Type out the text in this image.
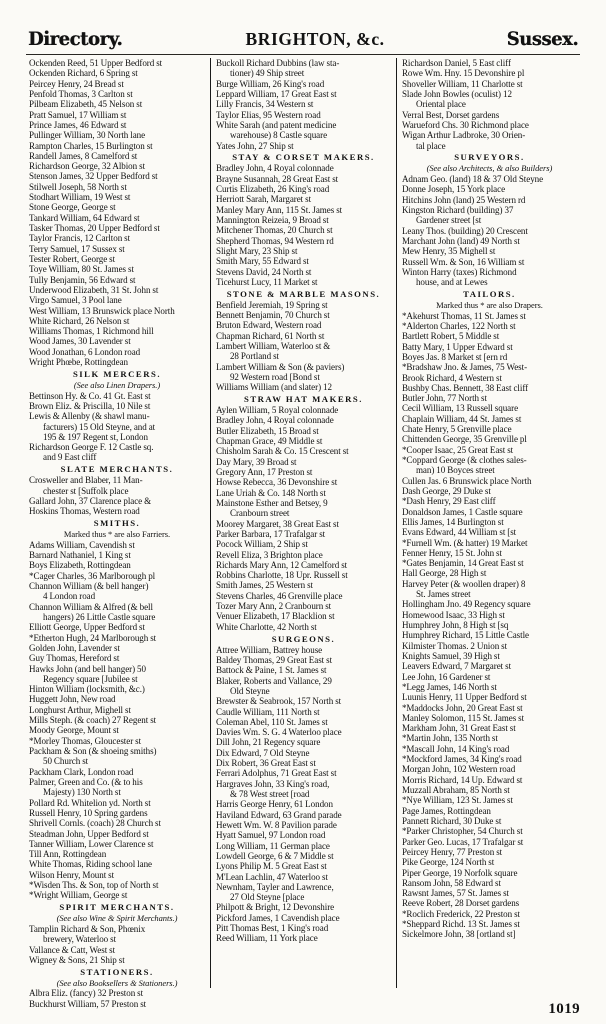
Directory.	BRIGHTON, &c.	Sussex.
Ockenden Reed, 51 Upper Bedford st
Ockenden Richard, 6 Spring st
Peircey Henry, 24 Bread st
Penfold Thomas, 3 Carlton st
Pilbeam Elizabeth, 45 Nelson st
Pratt Samuel, 17 William st
Prince James, 46 Edward st
Pullinger William, 30 North lane
Rampton Charles, 15 Burlington st
Randell James, 8 Camelford st
Richardson George, 32 Albion st
Stenson James, 32 Upper Bedford st
Stilwell Joseph, 58 North st
Stodhart William, 19 West st
Stone George, George st
Tankard William, 64 Edward st
Tasker Thomas, 20 Upper Bedford st
Taylor Francis, 12 Carlton st
Terry Samuel, 17 Sussex st
Tester Robert, George st
Toye William, 80 St. James st
Tully Benjamin, 56 Edward st
Underwood Elizabeth, 31 St. John st
Virgo Samuel, 3 Pool lane
West William, 13 Brunswick place North
White Richard, 26 Nelson st
Williams Thomas, 1 Richmond hill
Wood James, 30 Lavender st
Wood Jonathan, 6 London road
Wright Phœbe, Rottingdean
SILK MERCERS.
(See also Linen Drapers.)
Bettinson Hy. & Co. 41 Gt. East st
Brown Eliz. & Priscilla, 10 Nile st
Lewis & Allenby (& shawl manu-
facturers) 15 Old Steyne, and at
195 & 197 Regent st, London
Richardson George F. 12 Castle sq.
and 9 East cliff
SLATE MERCHANTS.
Crosweller and Blaber, 11 Man-
chester st [Suffolk place
Gallard John, 37 Clarence place &
Hoskins Thomas, Western road
SMITHS.
Marked thus * are also Farriers.
Adams William, Cavendish st
Barnard Nathaniel, 1 King st
Boys Elizabeth, Rottingdean
*Cager Charles, 36 Marlborough pl
Channon William (& bell hanger)
4 London road
Channon William & Alfred (& bell
hangers) 26 Little Castle square
Elliott George, Upper Bedford st
*Etherton Hugh, 24 Marlborough st
Golden John, Lavender st
Guy Thomas, Hereford st
Hawks John (and bell hanger) 50
Regency square [Jubilee st
Hinton William (locksmith, &c.)
Huggett John, New road
Longhurst Arthur, Mighell st
Mills Steph. (& coach) 27 Regent st
Moody George, Mount st
*Morley Thomas, Gloucester st
Packham & Son (& shoeing smiths)
50 Church st
Packham Clark, London road
Palmer, Green and Co. (& to his
Majesty) 130 North st
Pollard Rd. Whitelion yd. North st
Russell Henry, 10 Spring gardens
Shrivell Cornls. (coach) 28 Church st
Steadman John, Upper Bedford st
Tanner William, Lower Clarence st
Till Ann, Rottingdean
White Thomas, Riding school lane
Wilson Henry, Mount st
*Wisden Ths. & Son, top of North st
*Wright William, George st
SPIRIT MERCHANTS.
(See also Wine & Spirit Merchants.)
Tamplin Richard & Son, Phœnix
brewery, Waterloo st
Vallance & Catt, West st
Wigney & Sons, 21 Ship st
STATIONERS.
(See also Booksellers & Stationers.)
Albra Eliz. (fancy) 32 Preston st
Buckhurst William, 57 Preston st
Buckoll Richard Dubbins (law sta-
tioner) 49 Ship street
Burge William, 26 King's road
Leppard William, 17 Great East st
Lilly Francis, 34 Western st
Taylor Elias, 95 Western road
White Sarah (and patent medicine
warehouse) 8 Castle square
Yates John, 27 Ship st
STAY & CORSET MAKERS.
Bradley John, 4 Royal colonnade
Brayne Susannah, 28 Great East st
Curtis Elizabeth, 26 King's road
Herriott Sarah, Margaret st
Manley Mary Ann, 115 St. James st
Mannington Reizeia, 9 Broad st
Mitchener Thomas, 20 Church st
Shepherd Thomas, 94 Western rd
Slight Mary, 23 Ship st
Smith Mary, 55 Edward st
Stevens David, 24 North st
Ticehurst Lucy, 11 Market st
STONE & MARBLE MASONS.
Benfield Jeremiah, 19 Spring st
Bennett Benjamin, 70 Church st
Bruton Edward, Western road
Chapman Richard, 61 North st
Lambert William, Waterloo st &
28 Portland st
Lambert William & Son (& paviers)
92 Western road [Bond st
Williams William (and slater) 12
STRAW HAT MAKERS.
Aylen William, 5 Royal colonnade
Bradley John, 4 Royal colonnade
Butler Elizabeth, 15 Broad st
Chapman Grace, 49 Middle st
Chisholm Sarah & Co. 15 Crescent st
Day Mary, 39 Broad st
Gregory Ann, 17 Preston st
Howse Rebecca, 36 Devonshire st
Lane Uriah & Co. 148 North st
Mainstone Esther and Betsey, 9
Cranbourn street
Moorey Margaret, 38 Great East st
Parker Barbara, 17 Trafalgar st
Pocock William, 2 Ship st
Revell Eliza, 3 Brighton place
Richards Mary Ann, 12 Camelford st
Robbins Charlotte, 18 Upr. Russell st
Smith James, 25 Western st
Stevens Charles, 46 Grenville place
Tozer Mary Ann, 2 Cranbourn st
Venuer Elizabeth, 17 Blacklion st
White Charlotte, 42 North st
SURGEONS.
Attree William, Battrey house
Baldey Thomas, 29 Great East st
Battock & Paine, 1 St. James st
Blaker, Roberts and Vallance, 29
Old Steyne
Brewster & Seabrook, 157 North st
Caudle William, 111 North st
Coleman Abel, 110 St. James st
Davies Wm. S. G. 4 Waterloo place
Dill John, 21 Regency square
Dix Edward, 7 Old Steyne
Dix Robert, 36 Great East st
Ferrari Adolphus, 71 Great East st
Hargraves John, 33 King's road,
& 78 West street [road
Harris George Henry, 61 London
Haviland Edward, 63 Grand parade
Hewett Wm. W. 8 Pavilion parade
Hyatt Samuel, 97 London road
Long William, 11 German place
Lowdell George, 6 & 7 Middle st
Lyons Philip M. 5 Great East st
M'Lean Lachlin, 47 Waterloo st
Newnham, Tayler and Lawrence,
27 Old Steyne [place
Philpott & Bright, 12 Devonshire
Pickford James, 1 Cavendish place
Pitt Thomas Best, 1 King's road
Reed William, 11 York place
Richardson Daniel, 5 East cliff
Rowe Wm. Hny. 15 Devonshire pl
Shoveller William, 11 Charlotte st
Slade John Bowles (oculist) 12
Oriental place
Verral Best, Dorset gardens
Warueford Chs. 30 Richmond place
Wigan Arthur Ladbroke, 30 Orien-
tal place
SURVEYORS.
(See also Architects, & also Builders)
Adnam Geo. (land) 18 & 37 Old Steyne
Donne Joseph, 15 York place
Hitchins John (land) 25 Western rd
Kingston Richard (building) 37
Gardener street [st
Leany Thos. (building) 20 Crescent
Marchant John (land) 49 North st
Mew Henry, 35 Mighell st
Russell Wm. & Son, 16 William st
Winton Harry (taxes) Richmond
house, and at Lewes
TAILORS.
Marked thus * are also Drapers.
*Akehurst Thomas, 11 St. James st
*Alderton Charles, 122 North st
Bartlett Robert, 5 Middle st
Batty Mary, 1 Upper Edward st
Boyes Jas. 8 Market st [ern rd
*Bradshaw Jno. & James, 75 West-
Brook Richard, 4 Western st
Bushby Chas. Bennett, 38 East cliff
Butler John, 77 North st
Cecil William, 13 Russell square
Chaplain William, 44 St. James st
Chate Henry, 5 Grenville place
Chittenden George, 35 Grenville pl
*Cooper Isaac, 25 Great East st
*Coppard George (& clothes sales-
man) 10 Boyces street
Cullen Jas. 6 Brunswick place North
Dash George, 29 Duke st
*Dash Henry, 29 East cliff
Donaldson James, 1 Castle square
Ellis James, 14 Burlington st
Evans Edward, 44 William st [st
*Furnell Wm. (& hatter) 19 Market
Fenner Henry, 15 St. John st
*Gates Benjamin, 14 Great East st
Hall George, 28 High st
Harvey Peter (& woollen draper) 8
St. James street
Hollingham Jno. 49 Regency square
Homewood Isaac, 33 High st
Humphrey John, 8 High st [sq
Humphrey Richard, 15 Little Castle
Kilmister Thomas. 2 Union st
Knights Samuel, 39 High st
Leavers Edward, 7 Margaret st
Lee John, 16 Gardener st
*Legg James, 146 North st
Luunis Henry, 11 Upper Bedford st
*Maddocks John, 20 Great East st
Manley Solomon, 115 St. James st
Markham John, 31 Great East st
*Martin John, 135 North st
*Mascall John, 14 King's road
*Mockford James, 34 King's road
Morgan John, 102 Western road
Morris Richard, 14 Up. Edward st
Muzzall Abraham, 85 North st
*Nye William, 123 St. James st
Page James, Rottingdean
Pannett Richard, 30 Duke st
*Parker Christopher, 54 Church st
Parker Geo. Lucas, 17 Trafalgar st
Peircey Henry, 77 Preston st
Pike George, 124 North st
Piper George, 19 Norfolk square
Ransom John, 58 Edward st
Rawsnt James, 57 St. James st
Reeve Robert, 28 Dorset gardens
*Roclich Frederick, 22 Preston st
*Sheppard Richd. 13 St. James st
Sickelmore John, 38 [ortland st]
1019
